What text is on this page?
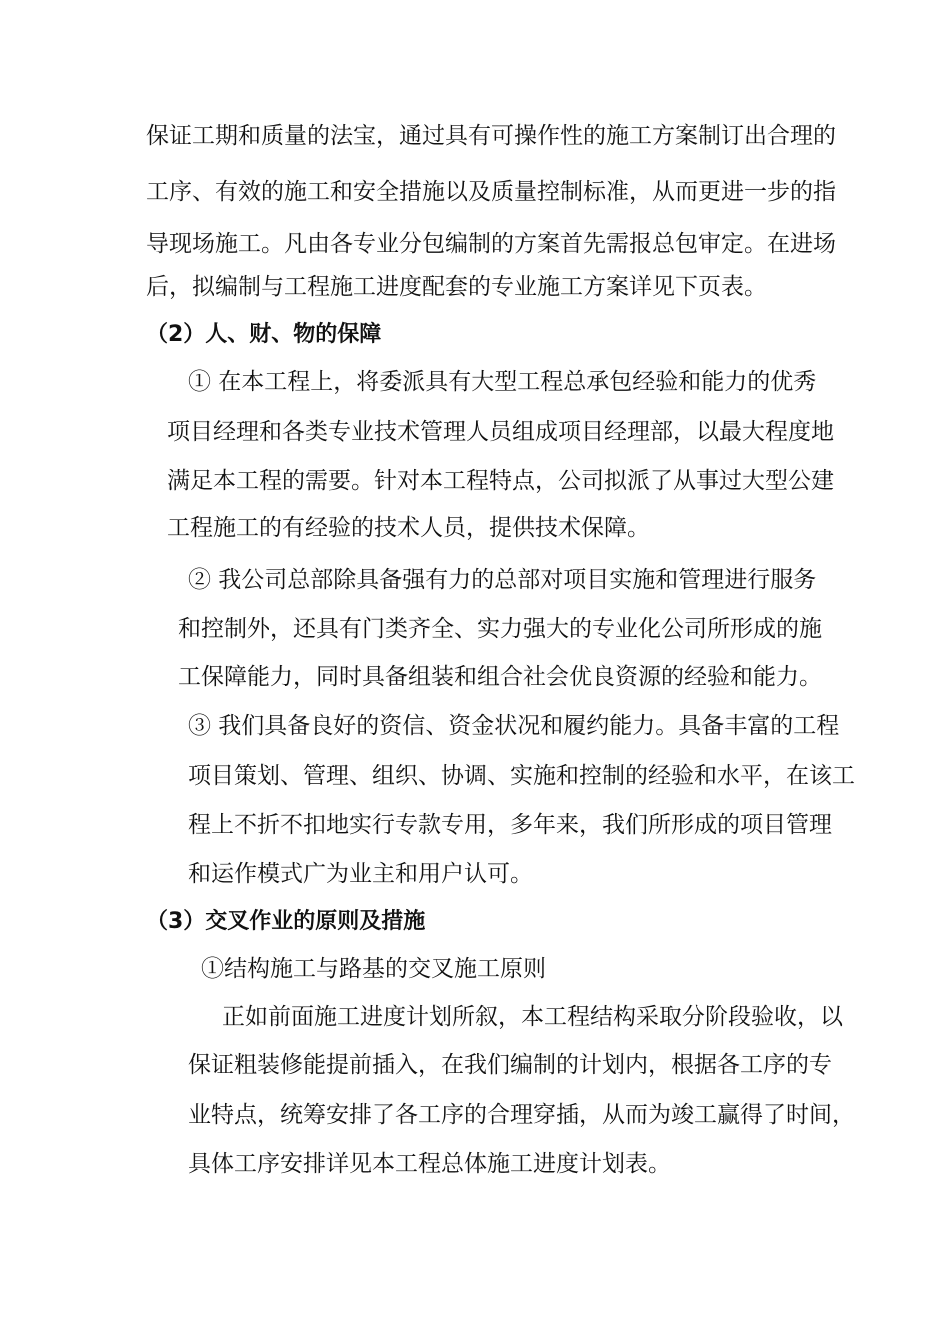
保证工期和质量的法宝，通过具有可操作性的施工方案制订出合理的
工序、有效的施工和安全措施以及质量控制标准，从而更进一步的指
导现场施工。凡由各专业分包编制的方案首先需报总包审定。在进场
后，拟编制与工程施工进度配套的专业施工方案详见下页表。
（2）人、财、物的保障
① 在本工程上，将委派具有大型工程总承包经验和能力的优秀
项目经理和各类专业技术管理人员组成项目经理部，以最大程度地
满足本工程的需要。针对本工程特点，公司拟派了从事过大型公建
工程施工的有经验的技术人员，提供技术保障。
② 我公司总部除具备强有力的总部对项目实施和管理进行服务
和控制外，还具有门类齐全、实力强大的专业化公司所形成的施
工保障能力，同时具备组装和组合社会优良资源的经验和能力。
③ 我们具备良好的资信、资金状况和履约能力。具备丰富的工程
项目策划、管理、组织、协调、实施和控制的经验和水平，在该工
程上不折不扣地实行专款专用，多年来，我们所形成的项目管理
和运作模式广为业主和用户认可。
（3）交叉作业的原则及措施
①结构施工与路基的交叉施工原则
正如前面施工进度计划所叙，本工程结构采取分阶段验收，以
保证粗装修能提前插入，在我们编制的计划内，根据各工序的专
业特点，统筹安排了各工序的合理穿插，从而为竣工赢得了时间，
具体工序安排详见本工程总体施工进度计划表。
